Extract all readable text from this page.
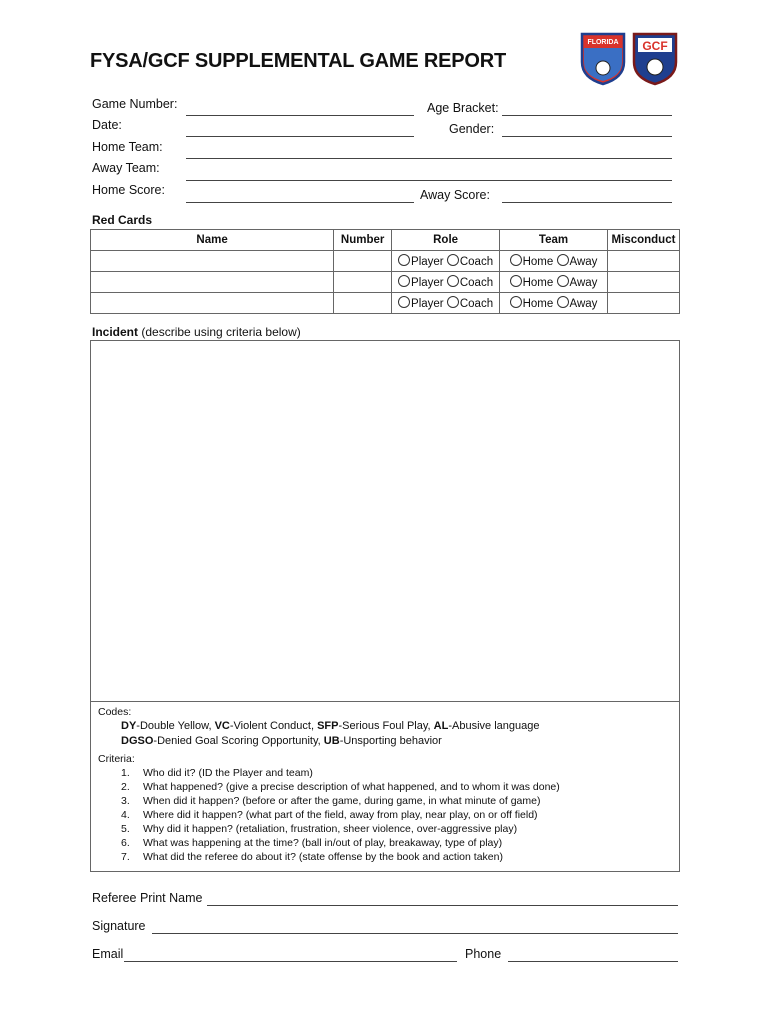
FYSA/GCF SUPPLEMENTAL GAME REPORT
FLORIDA GCF
Game Number:	Age Bracket:
Date:	Gender:
Home Team:
Away Team:
Home Score:	Away Score:
Red Cards
Name	Number	Role	Team	Misconduct
		Player Coach	Home Away	
		Player Coach	Home Away	
		Player Coach	Home Away	
Incident (describe using criteria below)

Codes:

DY-Double Yellow, VC-Violent Conduct, SFP-Serious Foul Play, AL-Abusive language

DGSO-Denied Goal Scoring Opportunity, UB-Unsporting behavior

Criteria:

1. Who did it? (ID the Player and team)
2. What happened? (give a precise description of what happened, and to whom it was done)
3. When did it happen? (before or after the game, during game, in what minute of game)
4. Where did it happen? (what part of the field, away from play, near play, on or off field)
5. Why did it happen? (retaliation, frustration, sheer violence, over-aggressive play)
6. What was happening at the time? (ball in/out of play, breakaway, type of play)
7. What did the referee do about it? (state offense by the book and action taken)
Referee Print Name
Signature
Email	Phone
